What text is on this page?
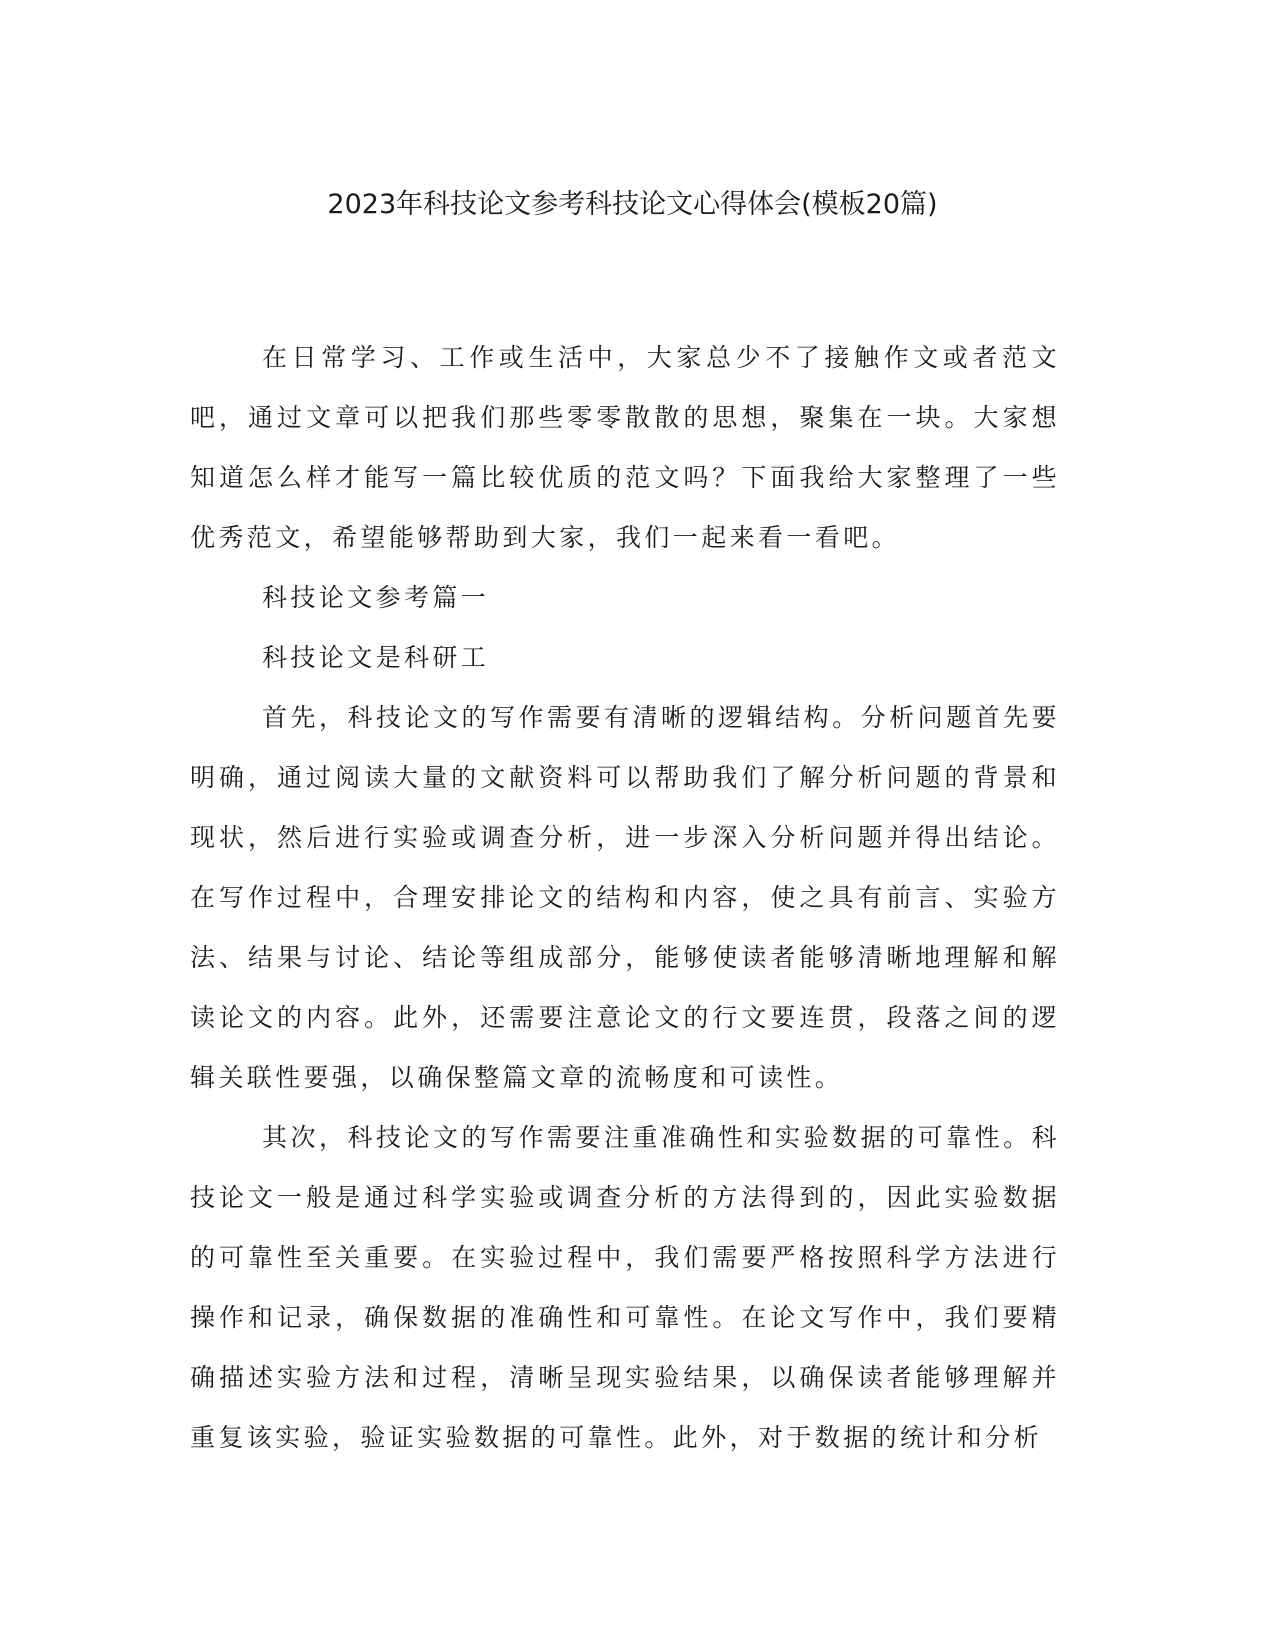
2023年科技论文参考科技论文心得体会(模板20篇)

在日常学习、工作或生活中，大家总少不了接触作文或者范文吧，通过文章可以把我们那些零零散散的思想，聚集在一块。大家想知道怎么样才能写一篇比较优质的范文吗？下面我给大家整理了一些优秀范文，希望能够帮助到大家，我们一起来看一看吧。

科技论文参考篇一

科技论文是科研工

首先，科技论文的写作需要有清晰的逻辑结构。分析问题首先要明确，通过阅读大量的文献资料可以帮助我们了解分析问题的背景和现状，然后进行实验或调查分析，进一步深入分析问题并得出结论。在写作过程中，合理安排论文的结构和内容，使之具有前言、实验方法、结果与讨论、结论等组成部分，能够使读者能够清晰地理解和解读论文的内容。此外，还需要注意论文的行文要连贯，段落之间的逻辑关联性要强，以确保整篇文章的流畅度和可读性。

其次，科技论文的写作需要注重准确性和实验数据的可靠性。科技论文一般是通过科学实验或调查分析的方法得到的，因此实验数据的可靠性至关重要。在实验过程中，我们需要严格按照科学方法进行操作和记录，确保数据的准确性和可靠性。在论文写作中，我们要精确描述实验方法和过程，清晰呈现实验结果，以确保读者能够理解并重复该实验，验证实验数据的可靠性。此外，对于数据的统计和分析
